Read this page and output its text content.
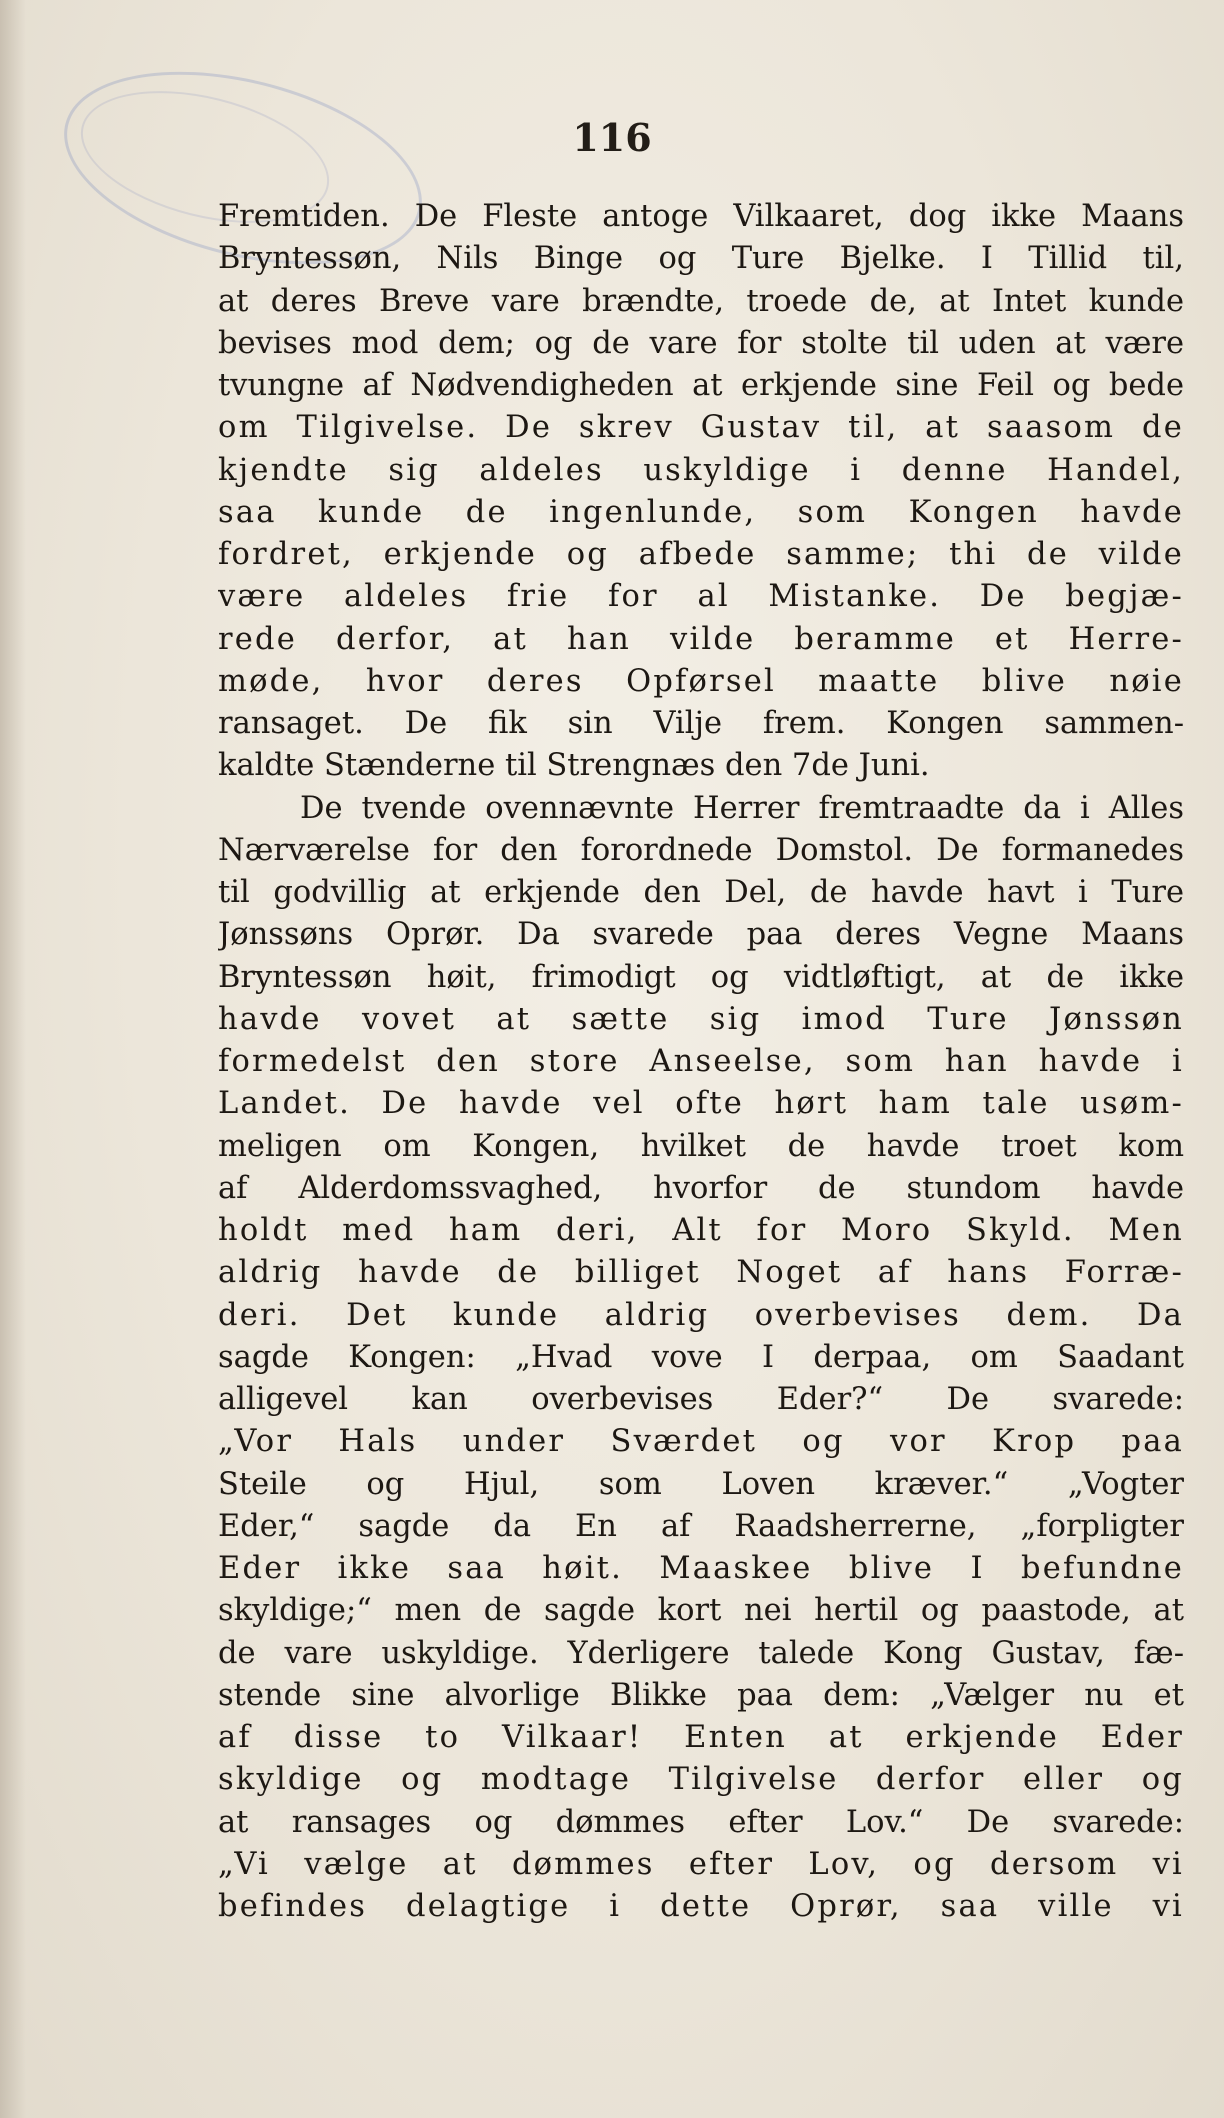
116
Fremtiden. De Fleste antoge Vilkaaret, dog ikke Maans
Bryntessøn, Nils Binge og Ture Bjelke. I Tillid til,
at deres Breve vare brændte, troede de, at Intet kunde
bevises mod dem; og de vare for stolte til uden at være
tvungne af Nødvendigheden at erkjende sine Feil og bede
om Tilgivelse. De skrev Gustav til, at saasom de
kjendte sig aldeles uskyldige i denne Handel,
saa kunde de ingenlunde, som Kongen havde
fordret, erkjende og afbede samme; thi de vilde
være aldeles frie for al Mistanke. De begjæ-
rede derfor, at han vilde beramme et Herre-
møde, hvor deres Opførsel maatte blive nøie
ransaget. De fik sin Vilje frem. Kongen sammen-
kaldte Stænderne til Strengnæs den 7de Juni.
De tvende ovennævnte Herrer fremtraadte da i Alles
Nærværelse for den forordnede Domstol. De formanedes
til godvillig at erkjende den Del, de havde havt i Ture
Jønssøns Oprør. Da svarede paa deres Vegne Maans
Bryntessøn høit, frimodigt og vidtløftigt, at de ikke
havde vovet at sætte sig imod Ture Jønssøn
formedelst den store Anseelse, som han havde i
Landet. De havde vel ofte hørt ham tale usøm-
meligen om Kongen, hvilket de havde troet kom
af Alderdomssvaghed, hvorfor de stundom havde
holdt med ham deri, Alt for Moro Skyld. Men
aldrig havde de billiget Noget af hans Forræ-
deri. Det kunde aldrig overbevises dem. Da
sagde Kongen: „Hvad vove I derpaa, om Saadant
alligevel kan overbevises Eder?“ De svarede:
„Vor Hals under Sværdet og vor Krop paa
Steile og Hjul, som Loven kræver.“ „Vogter
Eder,“ sagde da En af Raadsherrerne, „forpligter
Eder ikke saa høit. Maaskee blive I befundne
skyldige;“ men de sagde kort nei hertil og paastode, at
de vare uskyldige. Yderligere talede Kong Gustav, fæ-
stende sine alvorlige Blikke paa dem: „Vælger nu et
af disse to Vilkaar! Enten at erkjende Eder
skyldige og modtage Tilgivelse derfor eller og
at ransages og dømmes efter Lov.“ De svarede:
„Vi vælge at dømmes efter Lov, og dersom vi
befindes delagtige i dette Oprør, saa ville vi
